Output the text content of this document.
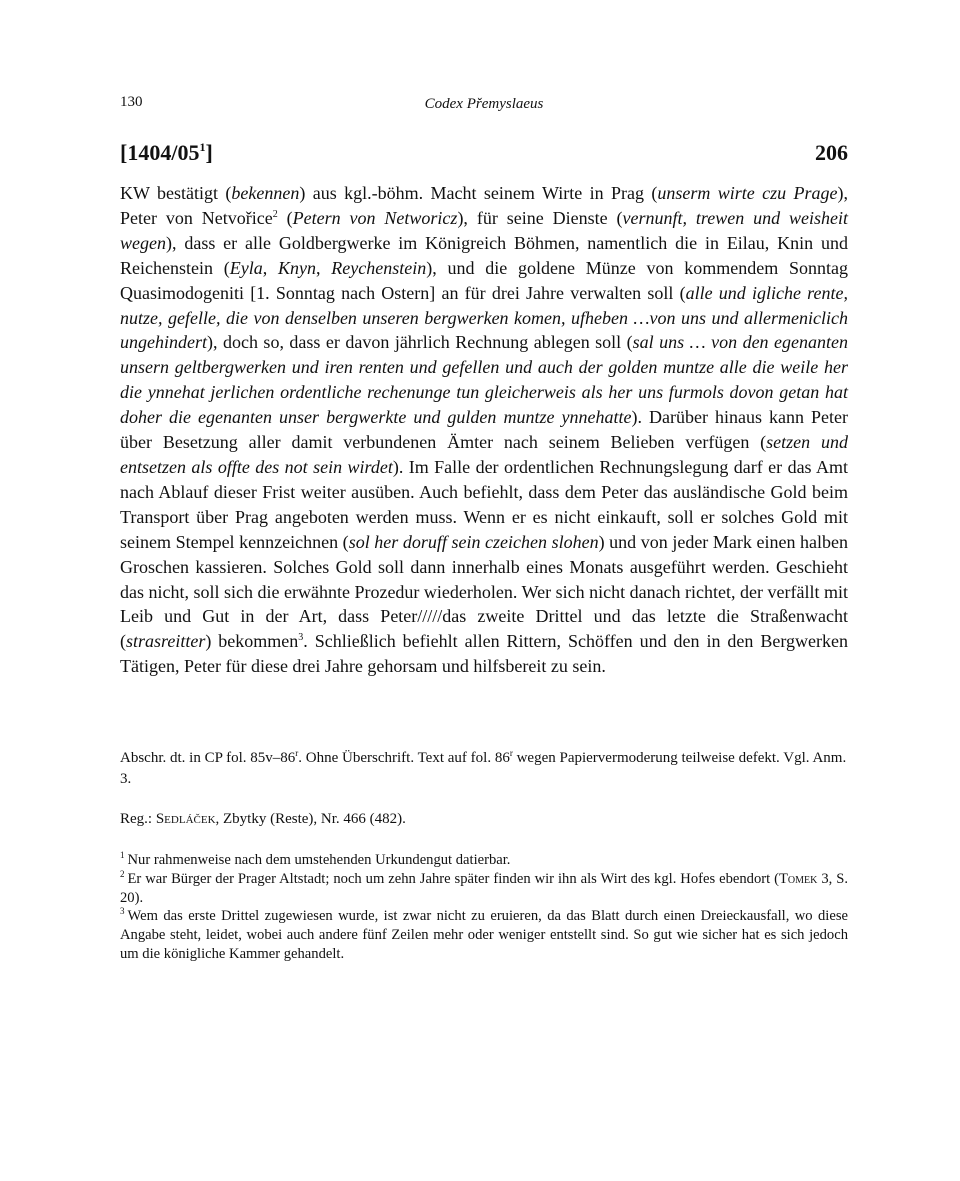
130	Codex Přemyslaeus
$[1404/05^1]$	206

KW bestätigt (bekennen) aus kgl.-böhm. Macht seinem Wirte in Prag (unserm wirte czu Prage), Peter von Netvořice$^2$ (Petern von Networicz), für seine Dienste (vernunft, trewen und weisheit wegen), dass er alle Goldbergwerke im Königreich Böhmen, namentlich die in Eilau, Knin und Reichenstein (Eyla, Knyn, Reychenstein), und die goldene Münze von kommendem Sonntag Quasimodogeniti [1. Sonntag nach Ostern] an für drei Jahre verwalten soll (alle und igliche rente, nutze, gefelle, die von denselben unseren bergwerken komen, ufheben …von uns und allermeniclich ungehindert), doch so, dass er davon jährlich Rechnung ablegen soll (sal uns … von den egenanten unsern geltbergwerken und iren renten und gefellen und auch der golden muntze alle die weile her die ynnehat jerlichen ordentliche rechenunge tun gleicherweis als her uns furmols dovon getan hat doher die egenanten unser bergwerkte und gulden muntze ynnehatte). Darüber hinaus kann Peter über Besetzung aller damit verbundenen Ämter nach seinem Belieben verfügen (setzen und entsetzen als offte des not sein wirdet). Im Falle der ordentlichen Rechnungslegung darf er das Amt nach Ablauf dieser Frist weiter ausüben. Auch befiehlt, dass dem Peter das ausländische Gold beim Transport über Prag angeboten werden muss. Wenn er es nicht einkauft, soll er solches Gold mit seinem Stempel kennzeichnen (sol her doruff sein czeichen slohen) und von jeder Mark einen halben Groschen kassieren. Solches Gold soll dann innerhalb eines Monats ausgeführt werden. Geschieht das nicht, soll sich die erwähnte Prozedur wiederholen. Wer sich nicht danach richtet, der verfällt mit Leib und Gut in der Art, dass Peter/////das zweite Drittel und das letzte die Straßenwacht (strasreitter) bekommen$^3$. Schließlich befiehlt allen Rittern, Schöffen und den in den Bergwerken Tätigen, Peter für diese drei Jahre gehorsam und hilfsbereit zu sein.

Abschr. dt. in CP fol. 85v–86$^r$. Ohne Überschrift. Text auf fol. 86$^r$ wegen Papiervermoderung teilweise defekt. Vgl. Anm. 3.

Reg.: Sedláček, Zbytky (Reste), Nr. 466 (482).

$^1$ Nur rahmenweise nach dem umstehenden Urkundengut datierbar.

$^2$ Er war Bürger der Prager Altstadt; noch um zehn Jahre später finden wir ihn als Wirt des kgl. Hofes ebendort (Tomek 3, S. 20).

$^3$ Wem das erste Drittel zugewiesen wurde, ist zwar nicht zu eruieren, da das Blatt durch einen Dreieckausfall, wo diese Angabe steht, leidet, wobei auch andere fünf Zeilen mehr oder weniger entstellt sind. So gut wie sicher hat es sich jedoch um die königliche Kammer gehandelt.
